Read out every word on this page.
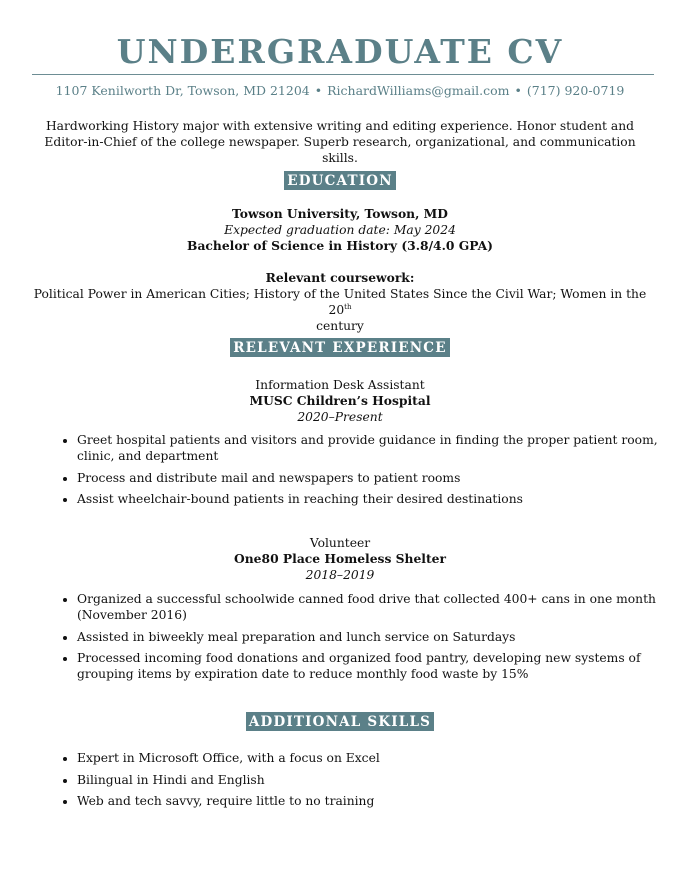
UNDERGRADUATE CV
1107 Kenilworth Dr, Towson, MD 21204 • RichardWilliams@gmail.com • (717) 920-0719
Hardworking History major with extensive writing and editing experience. Honor student and Editor-in-Chief of the college newspaper. Superb research, organizational, and communication skills.
EDUCATION
Towson University, Towson, MD
Expected graduation date: May 2024
Bachelor of Science in History (3.8/4.0 GPA)
Relevant coursework:
Political Power in American Cities; History of the United States Since the Civil War; Women in the 20th
century
RELEVANT EXPERIENCE
Information Desk Assistant
MUSC Children’s Hospital
2020–Present
• Greet hospital patients and visitors and provide guidance in finding the proper patient room, clinic, and department
• Process and distribute mail and newspapers to patient rooms
• Assist wheelchair-bound patients in reaching their desired destinations
Volunteer
One80 Place Homeless Shelter
2018–2019
• Organized a successful schoolwide canned food drive that collected 400+ cans in one month (November 2016)
• Assisted in biweekly meal preparation and lunch service on Saturdays
• Processed incoming food donations and organized food pantry, developing new systems of grouping items by expiration date to reduce monthly food waste by 15%
ADDITIONAL SKILLS
• Expert in Microsoft Office, with a focus on Excel
• Bilingual in Hindi and English
• Web and tech savvy, require little to no training
